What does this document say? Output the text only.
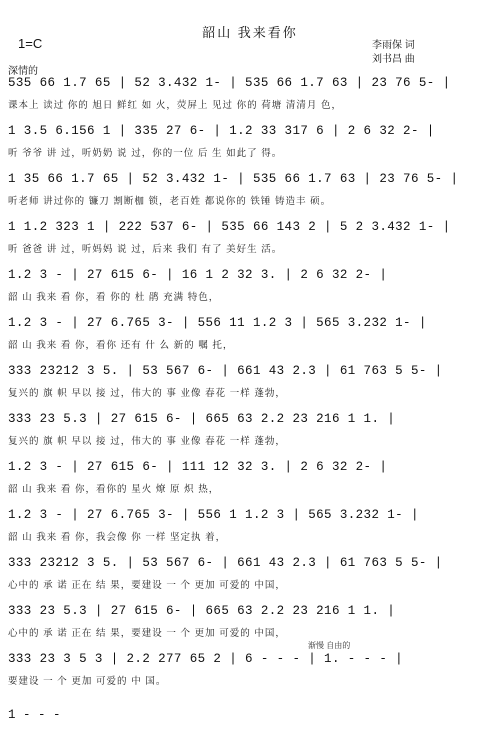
韶山 我来看你
1=C	李雨保 词
刘书昌 曲
深情的
535 66 1.7 65 | 52 3.432 1- | 535 66 1.7 63 | 23 76 5- |
课本上 读过 你的 旭日 鲜红 如 火，荧屏上 见过 你的 荷塘 清清月 色，
1 3.5 6.156 1 | 335 27 6- | 1.2 33 317 6 | 2 6 32 2- |
听 爷爷 讲 过，听奶奶 说 过，你的一位 后 生 如此了 得。
1 35 66 1.7 65 | 52 3.432 1- | 535 66 1.7 63 | 23 76 5- |
听老师 讲过你的 镰刀 割断枷 锁，老百姓 都说你的 铁锤 铸造丰 硕。
1 1.2 323 1 | 222 537 6- | 535 66 143 2 | 5 2 3.432 1- |
听 爸爸 讲 过，听妈妈 说 过，后来 我们 有了 美好生 活。
1.2 3 - | 27 615 6- | 16 1 2 32 3. | 2 6 32 2- |
韶 山 我来 看 你，看 你的 杜 鹃 充满 特色，
1.2 3 - | 27 6.765 3- | 556 11 1.2 3 | 565 3.232 1- |
韶 山 我来 看 你，看你 还有 什 么 新的 嘱 托，
333 23212 3 5. | 53 567 6- | 661 43 2.3 | 61 763 5 5- |
复兴的 旗 帜 早以 接 过，伟大的 事 业像 春花 一样 蓬勃，
333 23 5.3 | 27 615 6- | 665 63 2.2 23 216 1 1. |
复兴的 旗 帜 早以 接 过，伟大的 事 业像 春花 一样 蓬勃，
1.2 3 - | 27 615 6- | 111 12 32 3. | 2 6 32 2- |
韶 山 我来 看 你，看你的 星火 燎 原 炽 热，
1.2 3 - | 27 6.765 3- | 556 1 1.2 3 | 565 3.232 1- |
韶 山 我来 看 你，我会像 你 一样 坚定执 着，
333 23212 3 5. | 53 567 6- | 661 43 2.3 | 61 763 5 5- |
心中的 承 诺 正在 结 果，要建设 一 个 更加 可爱的 中国，
333 23 5.3 | 27 615 6- | 665 63 2.2 23 216 1 1. |
心中的 承 诺 正在 结 果，要建设 一 个 更加 可爱的 中国，
333 23 3 5 3 | 2.2 277 65 2 | 6 - - - | 1. - - - |
要建设 一 个 更加 可爱的 中 国。
渐慢 自由的
1 - - -
